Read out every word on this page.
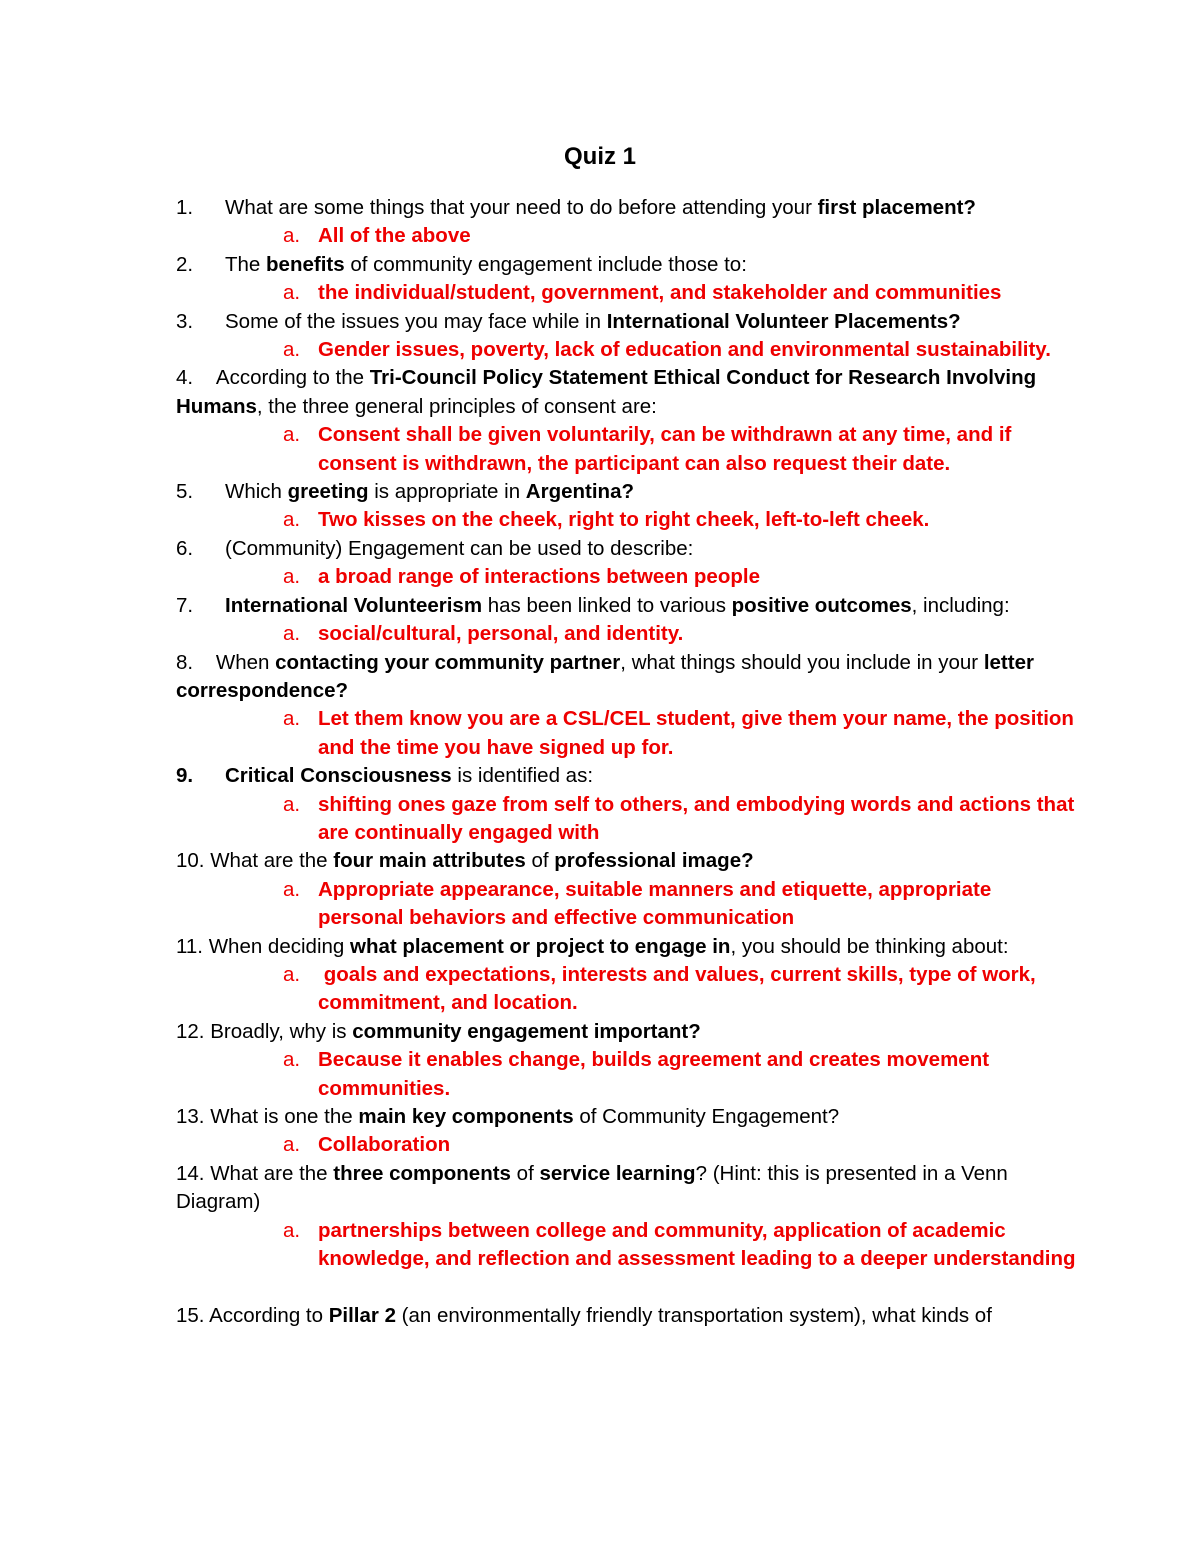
Quiz 1

1. What are some things that your need to do before attending your first placement?

a. All of the above

2. The benefits of community engagement include those to:

a. the individual/student, government, and stakeholder and communities

3. Some of the issues you may face while in International Volunteer Placements?

a. Gender issues, poverty, lack of education and environmental sustainability.

4. According to the Tri-Council Policy Statement Ethical Conduct for Research Involving Humans, the three general principles of consent are:

a. Consent shall be given voluntarily, can be withdrawn at any time, and if consent is withdrawn, the participant can also request their date.

5. Which greeting is appropriate in Argentina?

a. Two kisses on the cheek, right to right cheek, left-to-left cheek.

6. (Community) Engagement can be used to describe:

a. a broad range of interactions between people

7. International Volunteerism has been linked to various positive outcomes, including:

a. social/cultural, personal, and identity.

8. When contacting your community partner, what things should you include in your letter correspondence?

a. Let them know you are a CSL/CEL student, give them your name, the position and the time you have signed up for.

9. Critical Consciousness is identified as:

a. shifting ones gaze from self to others, and embodying words and actions that are continually engaged with

10. What are the four main attributes of professional image?

a. Appropriate appearance, suitable manners and etiquette, appropriate personal behaviors and effective communication

11. When deciding what placement or project to engage in, you should be thinking about:

a. goals and expectations, interests and values, current skills, type of work, commitment, and location.

12. Broadly, why is community engagement important?

a. Because it enables change, builds agreement and creates movement communities.

13. What is one the main key components of Community Engagement?

a. Collaboration

14. What are the three components of service learning? (Hint: this is presented in a Venn Diagram)

a. partnerships between college and community, application of academic knowledge, and reflection and assessment leading to a deeper understanding

15. According to Pillar 2 (an environmentally friendly transportation system), what kinds of
